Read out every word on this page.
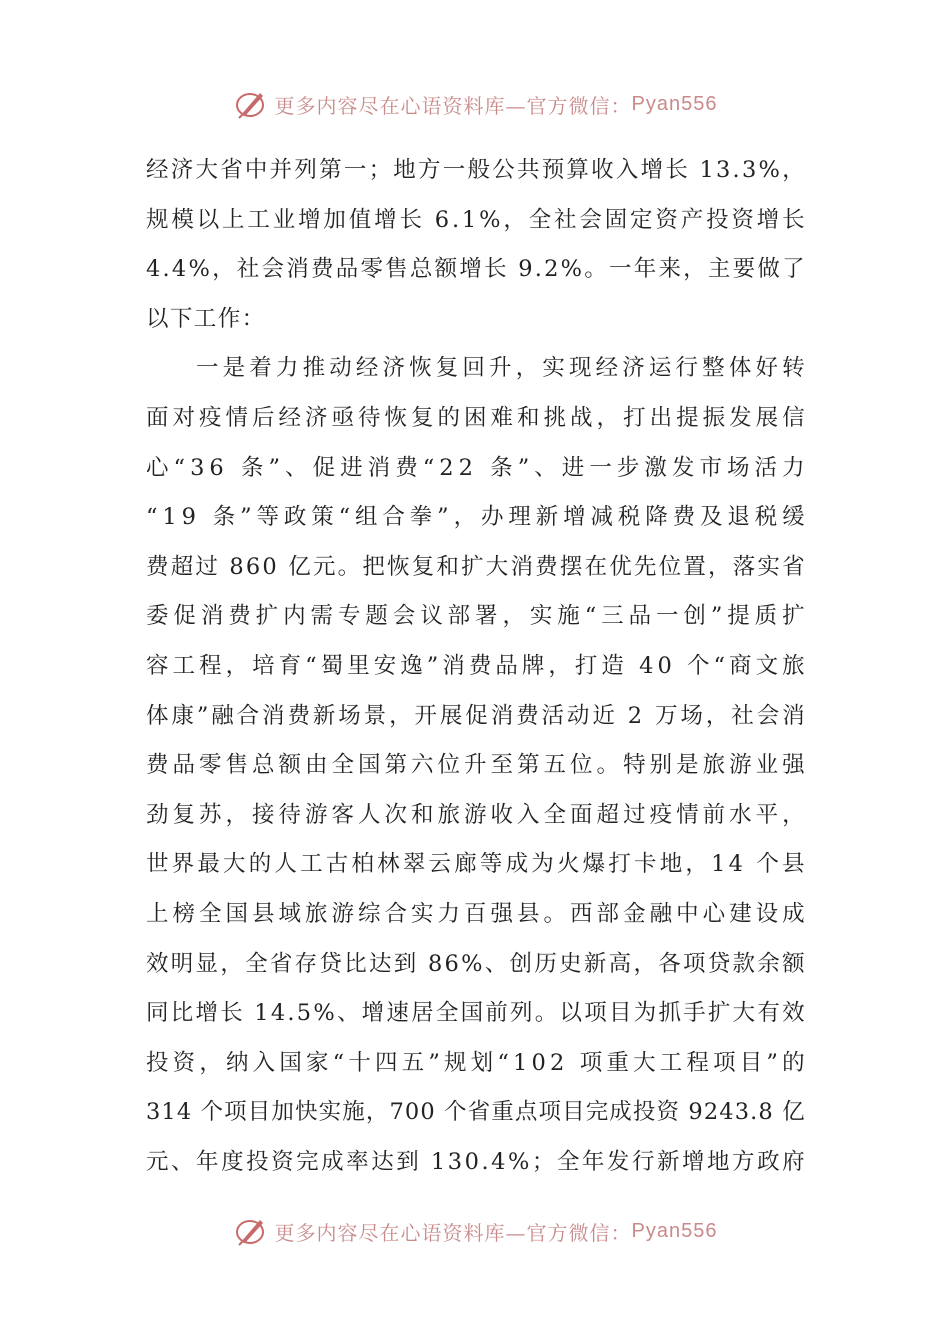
更多内容尽在心语资料库—官方微信： Pyan556
经济大省中并列第一；地方一般公共预算收入增长 13.3%，
规模以上工业增加值增长 6.1%，全社会固定资产投资增长
4.4%，社会消费品零售总额增长 9.2%。一年来，主要做了
以下工作：
一是着力推动经济恢复回升，实现经济运行整体好转
面对疫情后经济亟待恢复的困难和挑战，打出提振发展信
心“36 条”、促进消费“22 条”、进一步激发市场活力
“19 条”等政策“组合拳”，办理新增减税降费及退税缓
费超过 860 亿元。把恢复和扩大消费摆在优先位置，落实省
委促消费扩内需专题会议部署，实施“三品一创”提质扩
容工程，培育“蜀里安逸”消费品牌，打造 40 个“商文旅
体康”融合消费新场景，开展促消费活动近 2 万场，社会消
费品零售总额由全国第六位升至第五位。特别是旅游业强
劲复苏，接待游客人次和旅游收入全面超过疫情前水平，
世界最大的人工古柏林翠云廊等成为火爆打卡地，14 个县
上榜全国县域旅游综合实力百强县。西部金融中心建设成
效明显，全省存贷比达到 86%、创历史新高，各项贷款余额
同比增长 14.5%、增速居全国前列。以项目为抓手扩大有效
投资，纳入国家“十四五”规划“102 项重大工程项目”的
314 个项目加快实施，700 个省重点项目完成投资 9243.8 亿
元、年度投资完成率达到 130.4%；全年发行新增地方政府
更多内容尽在心语资料库—官方微信： Pyan556
